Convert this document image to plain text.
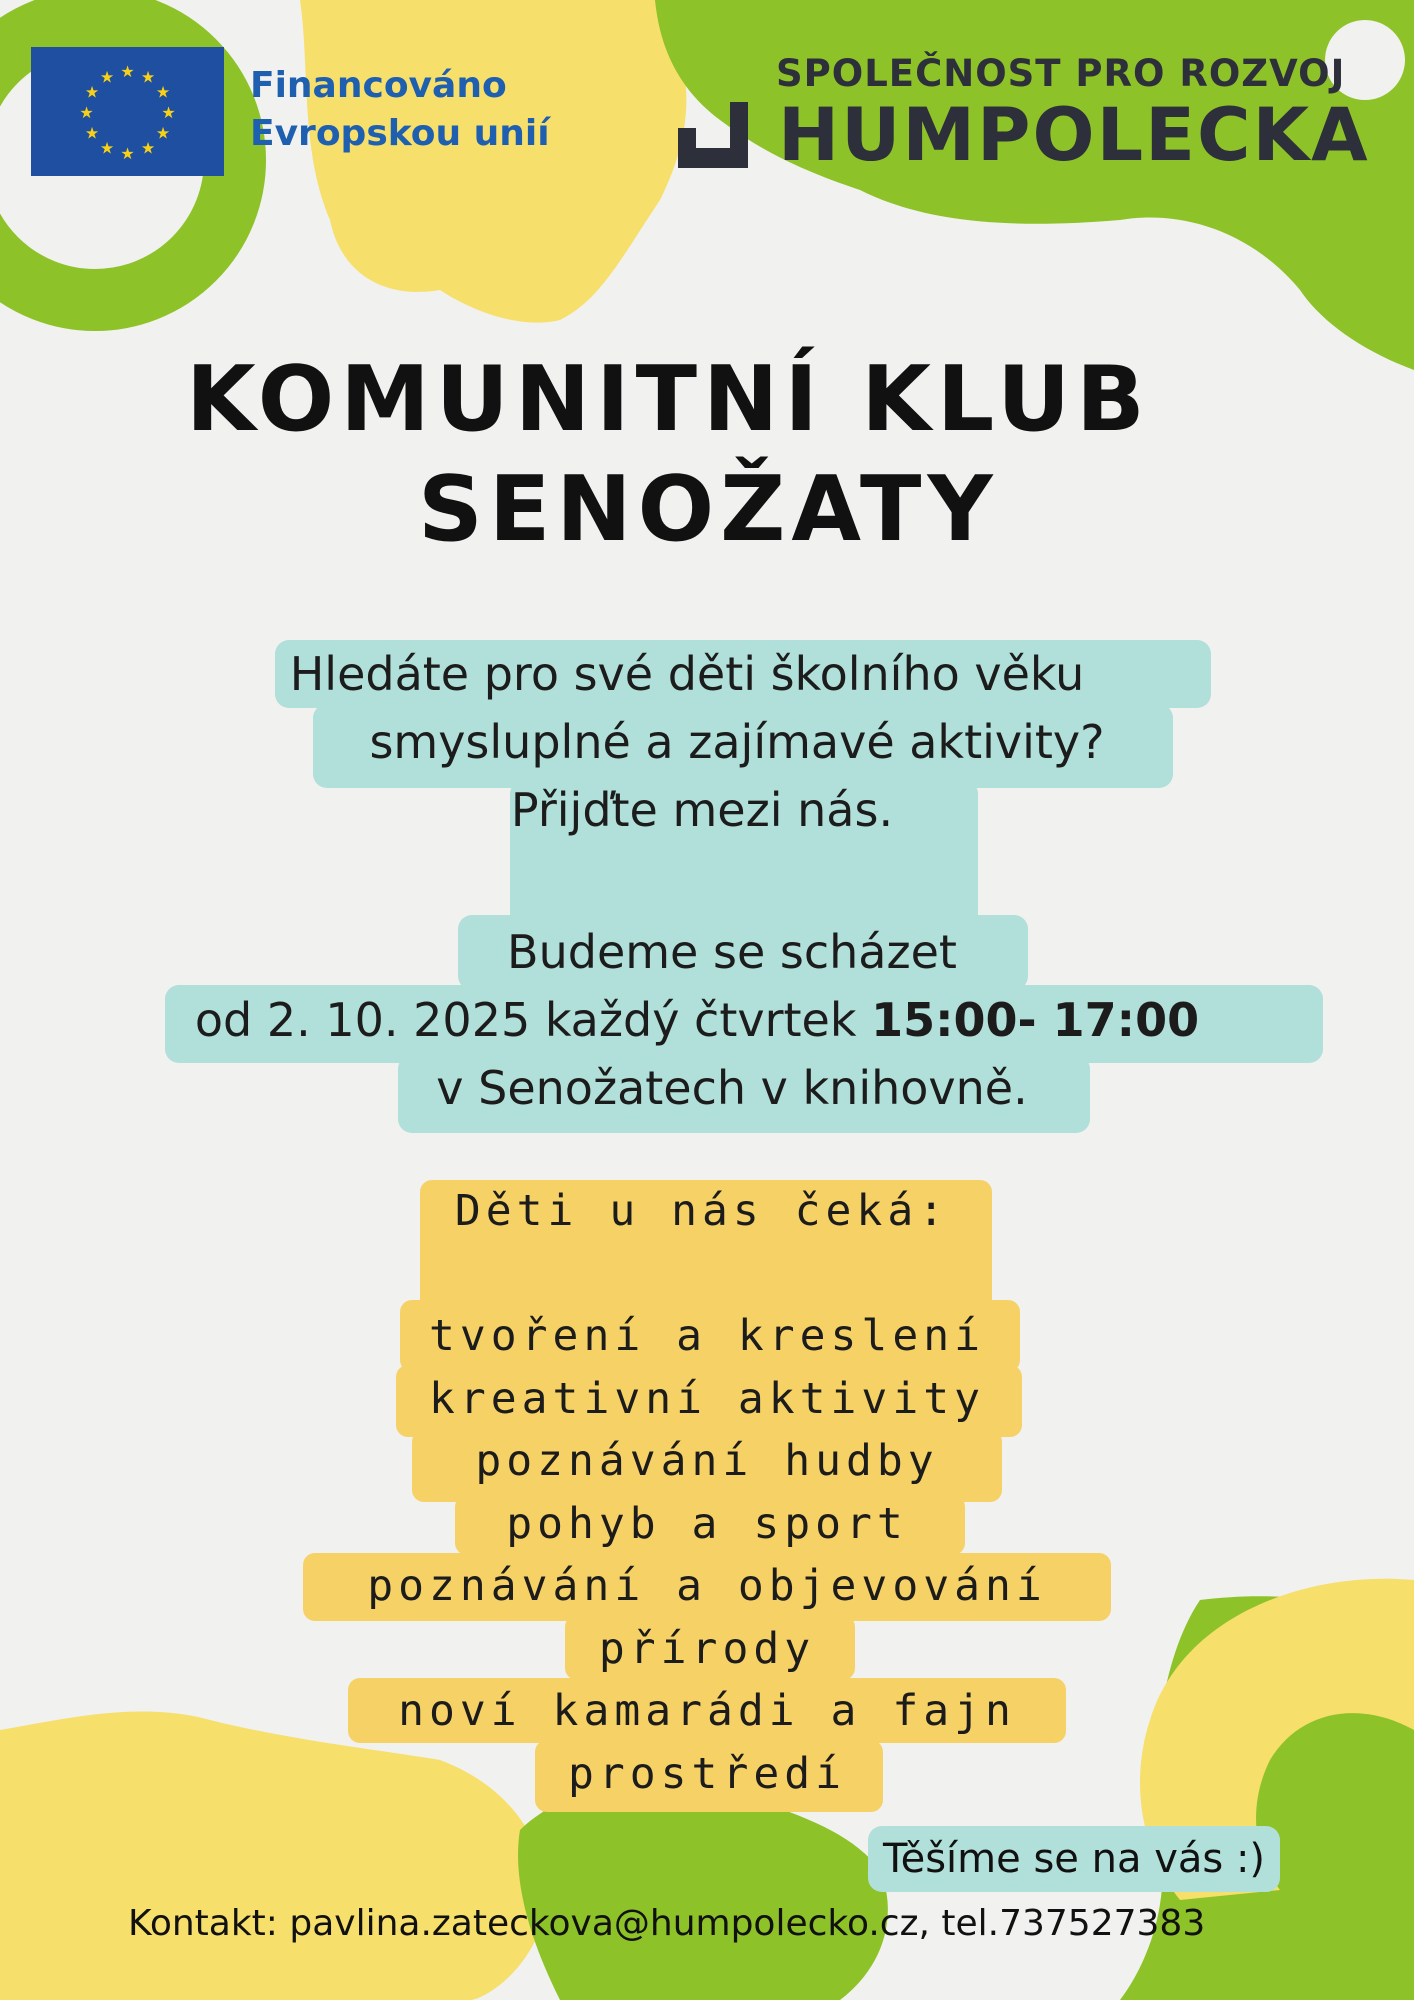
★ ★
★
★
★
★
★
★
★
★
★
★	Financováno
Evropskou unií
SPOLEČNOST PRO ROZVOJ
HUMPOLECKA
KOMUNITNÍ KLUB
SENOŽATY
Hledáte pro své děti školního věku
smysluplné a zajímavé aktivity?
Přijďte mezi nás.
Budeme se scházet
od 2. 10. 2025 každý čtvrtek 15:00- 17:00
v Senožatech v knihovně.
Děti u nás čeká:
tvoření a kreslení
kreativní aktivity
poznávání hudby
pohyb a sport
poznávání a objevování
přírody
noví kamarádi a fajn
prostředí
Těšíme se na vás :)
Kontakt: pavlina.zateckova@humpolecko.cz, tel.737527383
